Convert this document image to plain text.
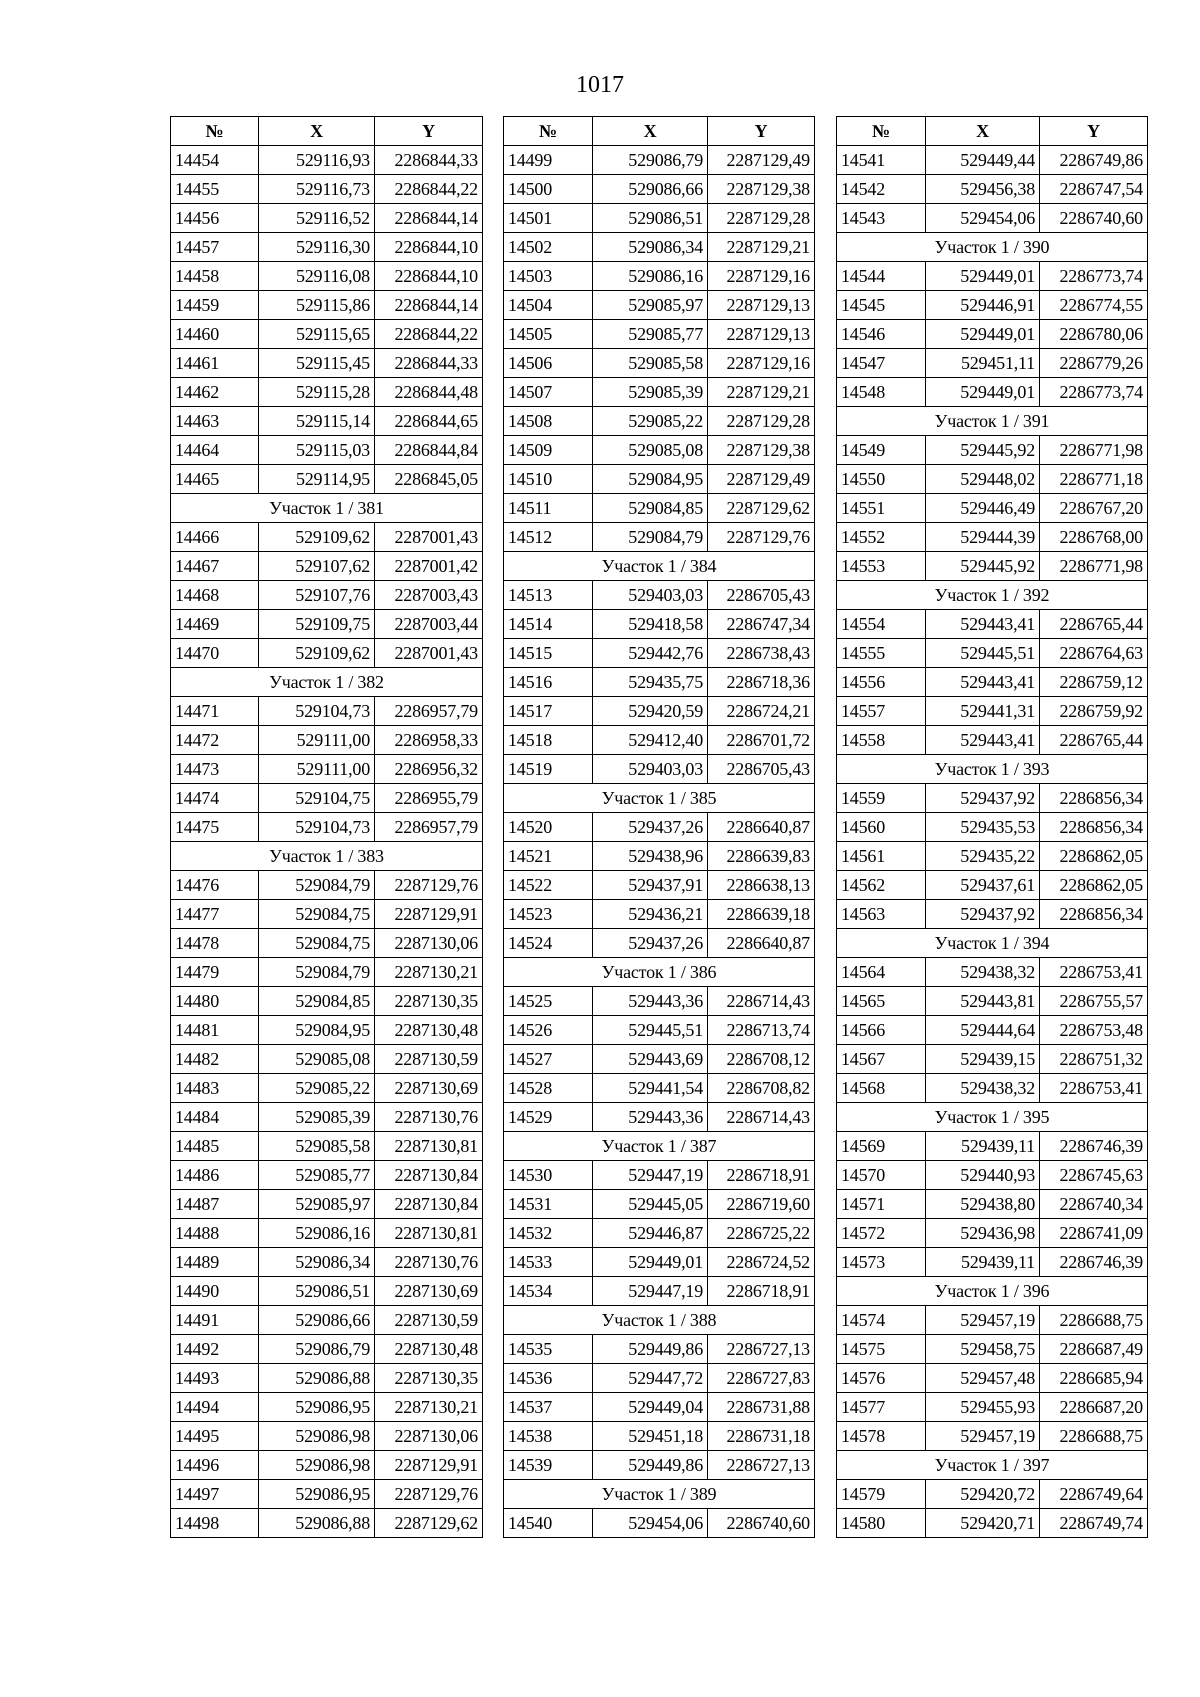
1017
№	X	Y
14454	529116,93	2286844,33
14455	529116,73	2286844,22
14456	529116,52	2286844,14
14457	529116,30	2286844,10
14458	529116,08	2286844,10
14459	529115,86	2286844,14
14460	529115,65	2286844,22
14461	529115,45	2286844,33
14462	529115,28	2286844,48
14463	529115,14	2286844,65
14464	529115,03	2286844,84
14465	529114,95	2286845,05
Участок 1 / 381		
14466	529109,62	2287001,43
14467	529107,62	2287001,42
14468	529107,76	2287003,43
14469	529109,75	2287003,44
14470	529109,62	2287001,43
Участок 1 / 382		
14471	529104,73	2286957,79
14472	529111,00	2286958,33
14473	529111,00	2286956,32
14474	529104,75	2286955,79
14475	529104,73	2286957,79
Участок 1 / 383		
14476	529084,79	2287129,76
14477	529084,75	2287129,91
14478	529084,75	2287130,06
14479	529084,79	2287130,21
14480	529084,85	2287130,35
14481	529084,95	2287130,48
14482	529085,08	2287130,59
14483	529085,22	2287130,69
14484	529085,39	2287130,76
14485	529085,58	2287130,81
14486	529085,77	2287130,84
14487	529085,97	2287130,84
14488	529086,16	2287130,81
14489	529086,34	2287130,76
14490	529086,51	2287130,69
14491	529086,66	2287130,59
14492	529086,79	2287130,48
14493	529086,88	2287130,35
14494	529086,95	2287130,21
14495	529086,98	2287130,06
14496	529086,98	2287129,91
14497	529086,95	2287129,76
14498	529086,88	2287129,62
№	X	Y
14499	529086,79	2287129,49
14500	529086,66	2287129,38
14501	529086,51	2287129,28
14502	529086,34	2287129,21
14503	529086,16	2287129,16
14504	529085,97	2287129,13
14505	529085,77	2287129,13
14506	529085,58	2287129,16
14507	529085,39	2287129,21
14508	529085,22	2287129,28
14509	529085,08	2287129,38
14510	529084,95	2287129,49
14511	529084,85	2287129,62
14512	529084,79	2287129,76
Участок 1 / 384		
14513	529403,03	2286705,43
14514	529418,58	2286747,34
14515	529442,76	2286738,43
14516	529435,75	2286718,36
14517	529420,59	2286724,21
14518	529412,40	2286701,72
14519	529403,03	2286705,43
Участок 1 / 385		
14520	529437,26	2286640,87
14521	529438,96	2286639,83
14522	529437,91	2286638,13
14523	529436,21	2286639,18
14524	529437,26	2286640,87
Участок 1 / 386		
14525	529443,36	2286714,43
14526	529445,51	2286713,74
14527	529443,69	2286708,12
14528	529441,54	2286708,82
14529	529443,36	2286714,43
Участок 1 / 387		
14530	529447,19	2286718,91
14531	529445,05	2286719,60
14532	529446,87	2286725,22
14533	529449,01	2286724,52
14534	529447,19	2286718,91
Участок 1 / 388		
14535	529449,86	2286727,13
14536	529447,72	2286727,83
14537	529449,04	2286731,88
14538	529451,18	2286731,18
14539	529449,86	2286727,13
Участок 1 / 389		
14540	529454,06	2286740,60
№	X	Y
14541	529449,44	2286749,86
14542	529456,38	2286747,54
14543	529454,06	2286740,60
Участок 1 / 390		
14544	529449,01	2286773,74
14545	529446,91	2286774,55
14546	529449,01	2286780,06
14547	529451,11	2286779,26
14548	529449,01	2286773,74
Участок 1 / 391		
14549	529445,92	2286771,98
14550	529448,02	2286771,18
14551	529446,49	2286767,20
14552	529444,39	2286768,00
14553	529445,92	2286771,98
Участок 1 / 392		
14554	529443,41	2286765,44
14555	529445,51	2286764,63
14556	529443,41	2286759,12
14557	529441,31	2286759,92
14558	529443,41	2286765,44
Участок 1 / 393		
14559	529437,92	2286856,34
14560	529435,53	2286856,34
14561	529435,22	2286862,05
14562	529437,61	2286862,05
14563	529437,92	2286856,34
Участок 1 / 394		
14564	529438,32	2286753,41
14565	529443,81	2286755,57
14566	529444,64	2286753,48
14567	529439,15	2286751,32
14568	529438,32	2286753,41
Участок 1 / 395		
14569	529439,11	2286746,39
14570	529440,93	2286745,63
14571	529438,80	2286740,34
14572	529436,98	2286741,09
14573	529439,11	2286746,39
Участок 1 / 396		
14574	529457,19	2286688,75
14575	529458,75	2286687,49
14576	529457,48	2286685,94
14577	529455,93	2286687,20
14578	529457,19	2286688,75
Участок 1 / 397		
14579	529420,72	2286749,64
14580	529420,71	2286749,74
